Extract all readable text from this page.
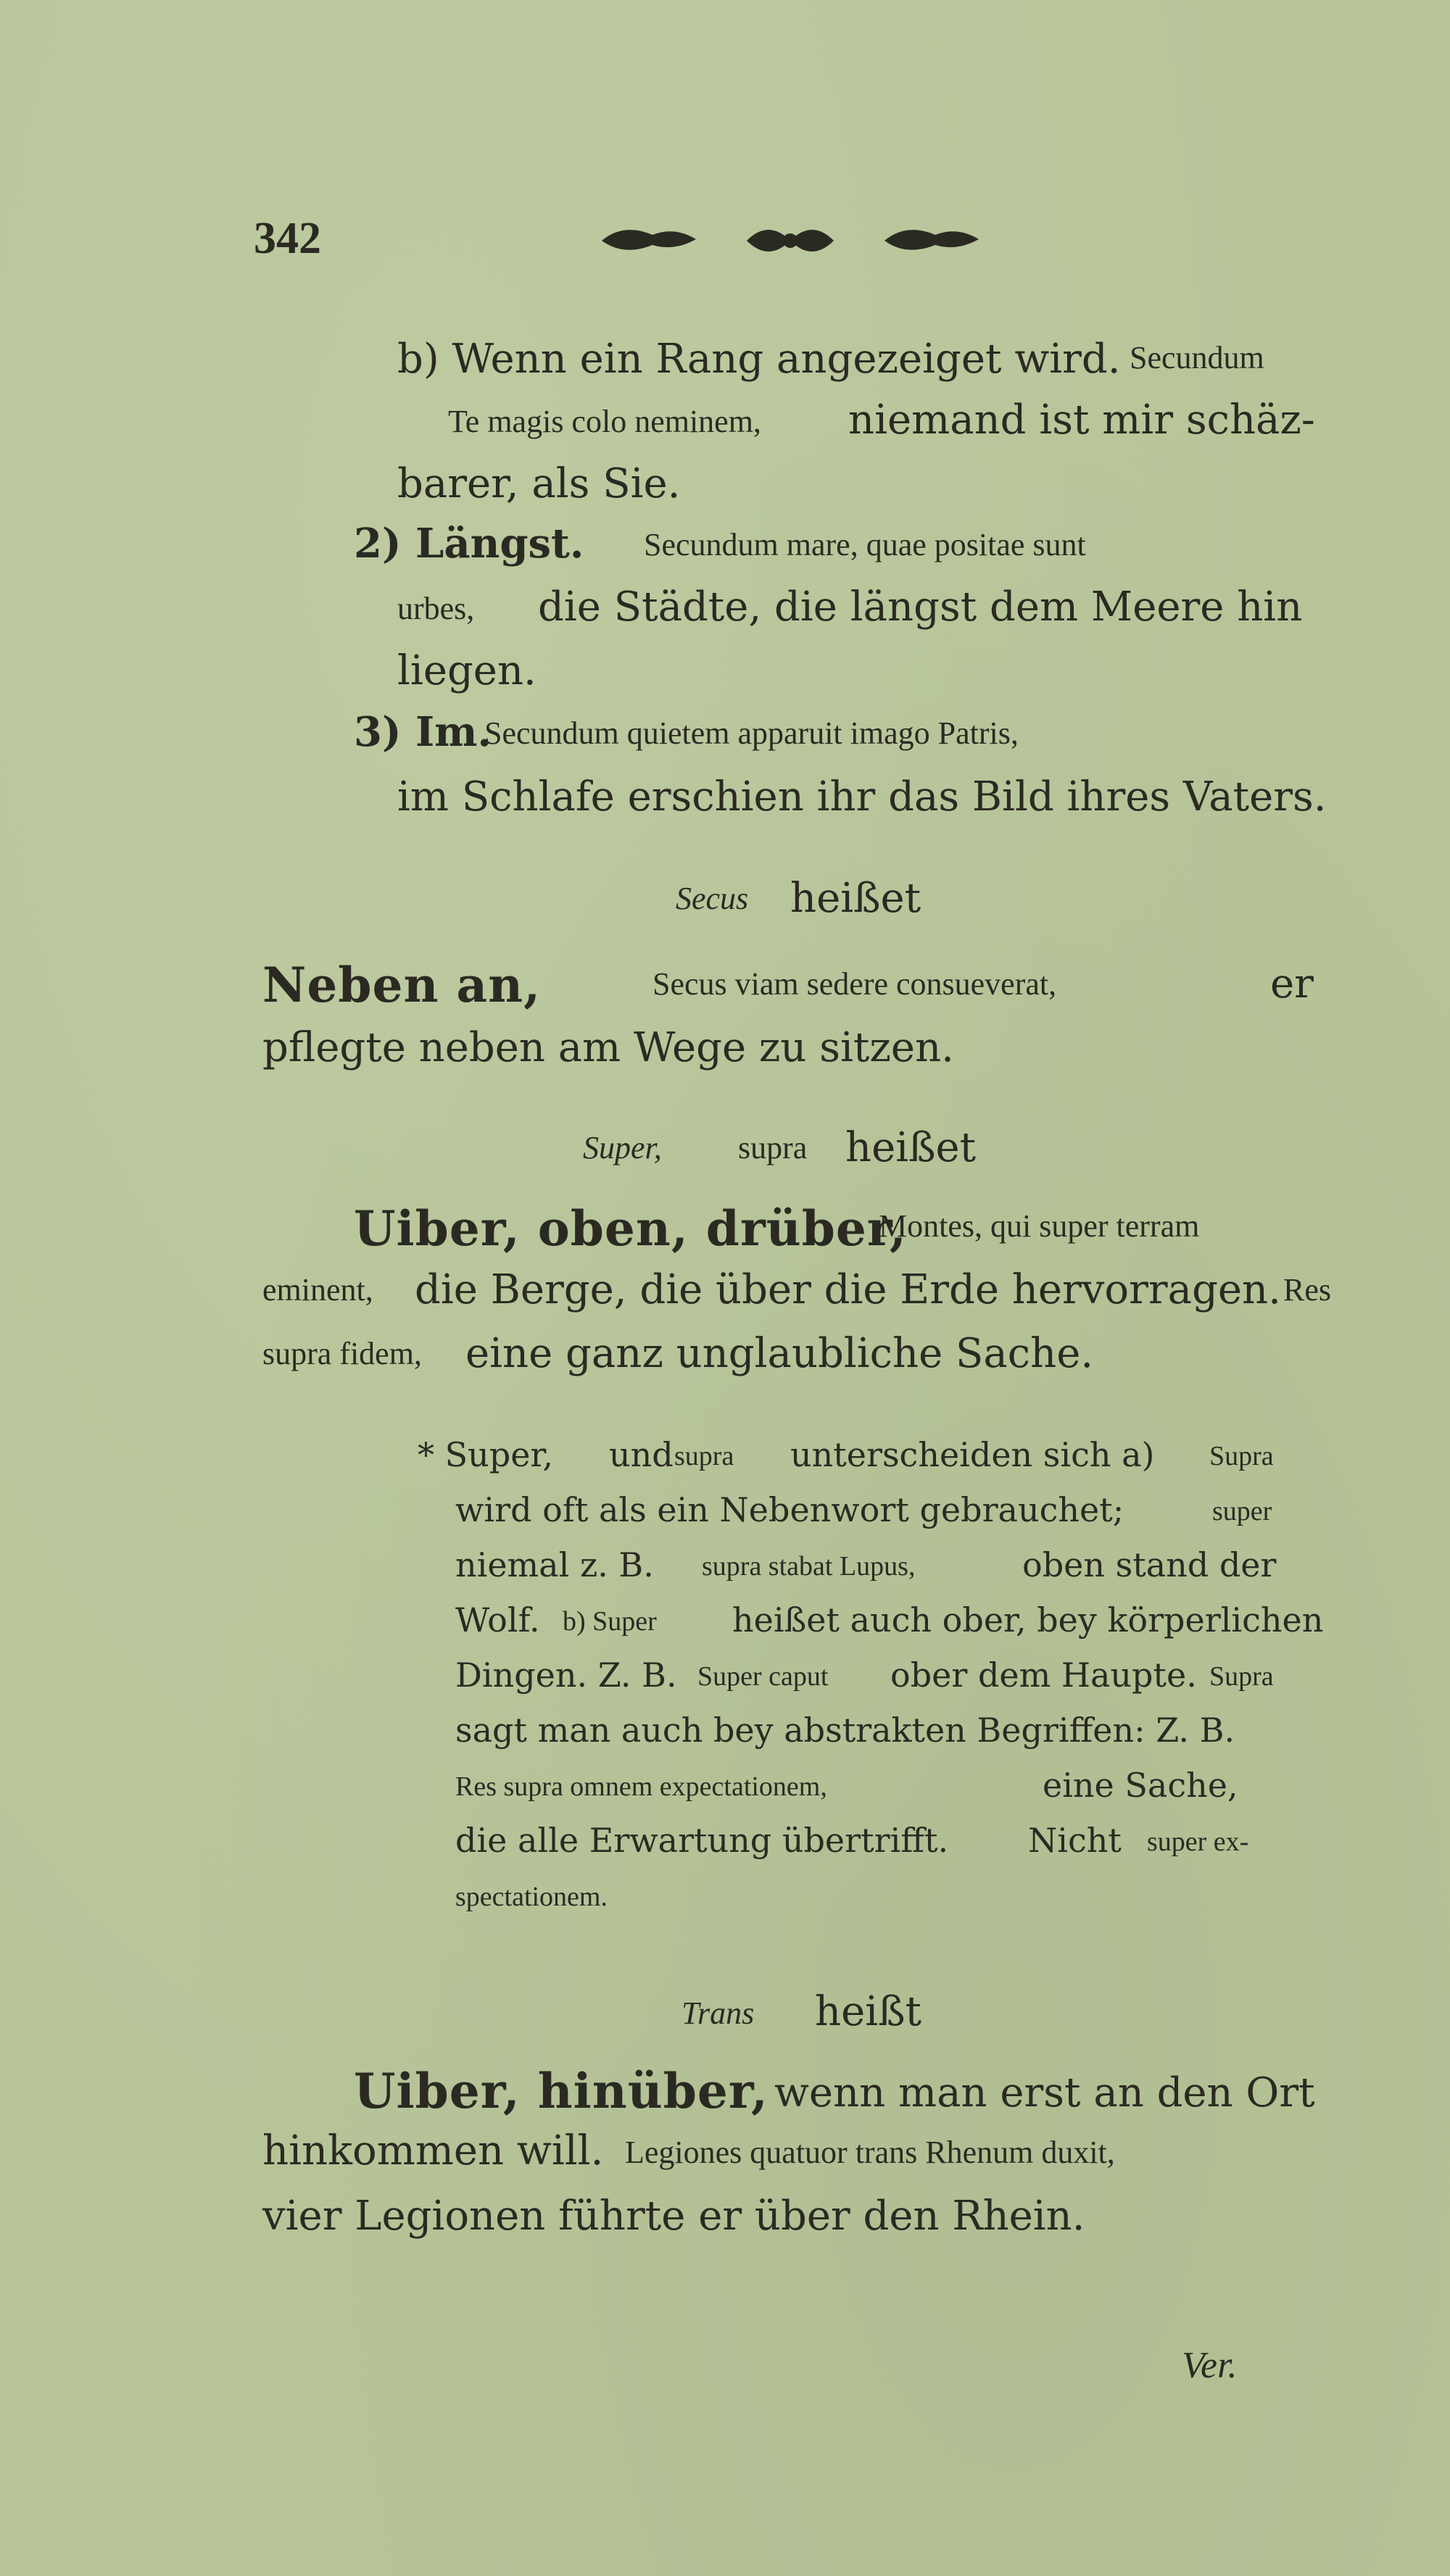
342
b) Wenn ein Rang angezeiget wird. Secundum
Te magis colo neminem, niemand ist mir schäz-
barer, als Sie.
2) Längst. Secundum mare, quae positae sunt
urbes, die Städte, die längst dem Meere hin
liegen.
3) Im.
Secundum quietem apparuit imago Patris,
im Schlafe erschien ihr das Bild ihres Vaters.
Secus heißet
Neben an,	Secus viam sedere consueverat,	er
pflegte neben am Wege zu sitzen.
Super, supra heißet
Uiber, oben, drüber,
Montes, qui super terram
eminent, die Berge, die über die Erde hervorragen. Res
supra fidem, eine ganz unglaubliche Sache.
* Super, und supra unterscheiden sich a) Supra
wird oft als ein Nebenwort gebrauchet;	super
niemal z. B. supra stabat Lupus,	oben stand der
Wolf. b) Super heißet auch ober, bey körperlichen
Dingen. Z. B. Super caput ober dem Haupte. Supra
sagt man auch bey abstrakten Begriffen: Z. B.
Res supra omnem expectationem,	eine Sache,
die alle Erwartung übertrifft. Nicht super ex-
spectationem.
Trans heißt
Uiber, hinüber, wenn man erst an den Ort
hinkommen will. Legiones quatuor trans Rhenum duxit,
vier Legionen führte er über den Rhein.
Ver.
